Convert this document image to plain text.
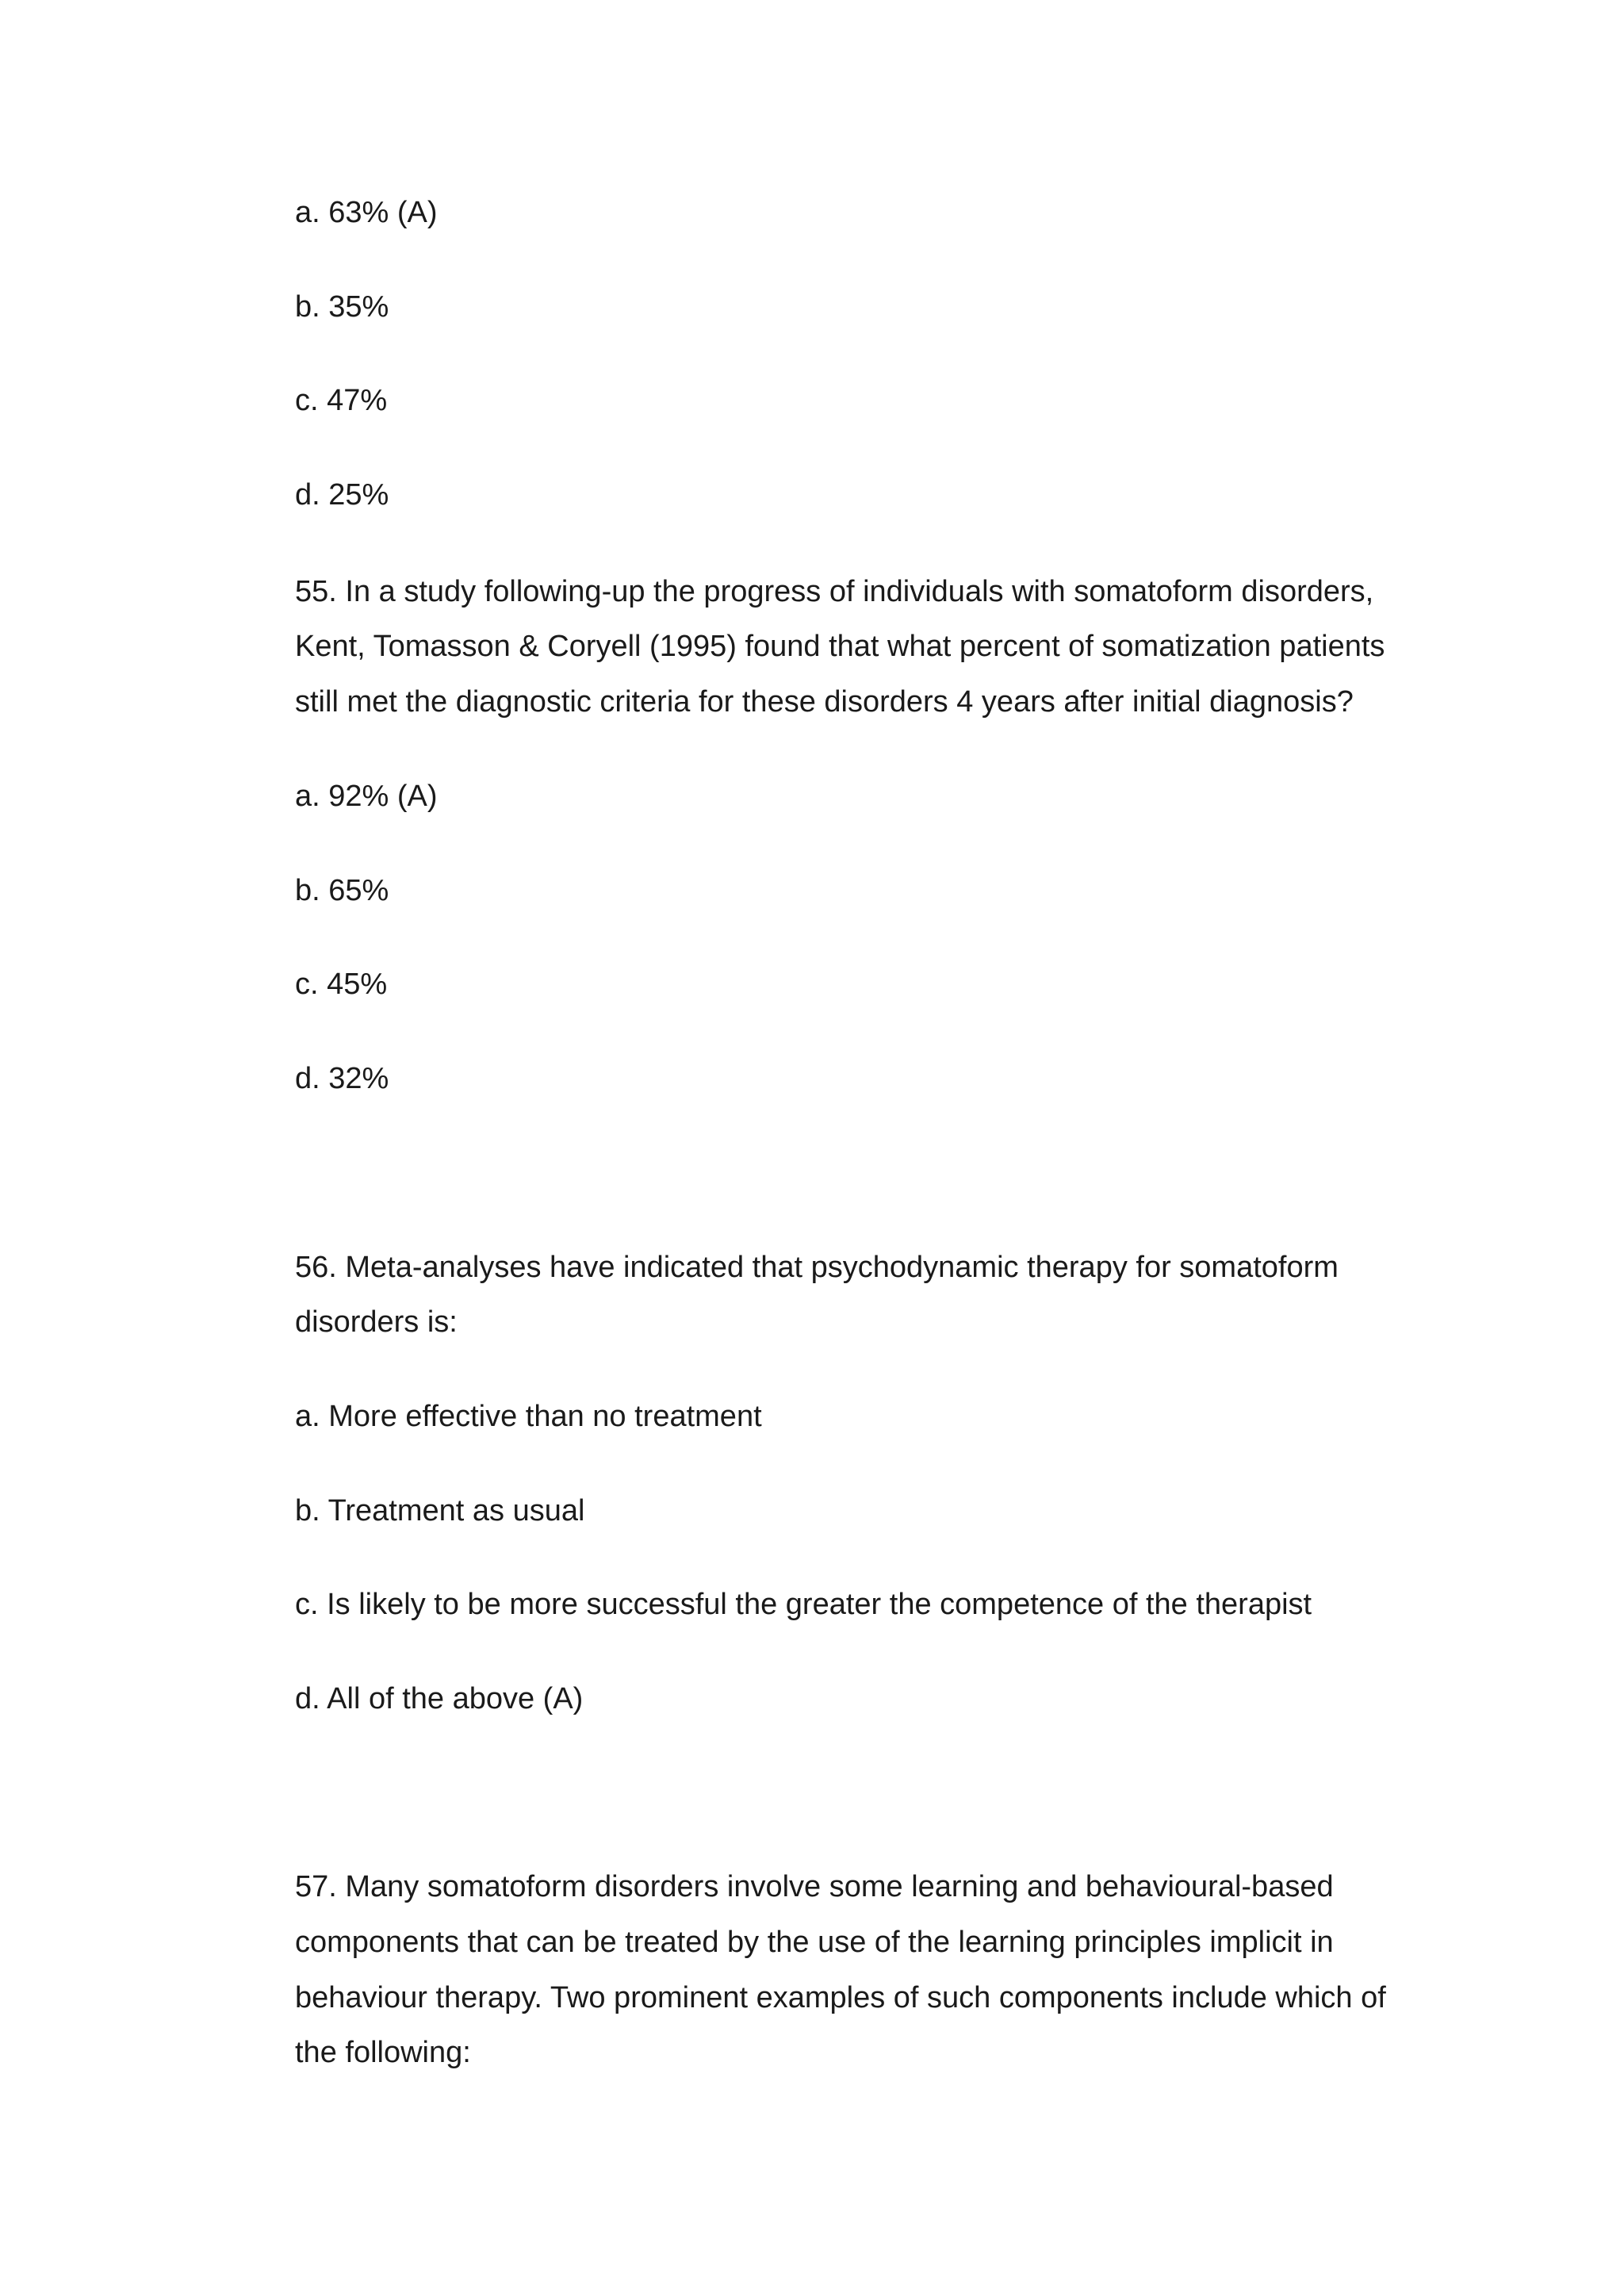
a. 63% (A)
b. 35%
c. 47%
d. 25%
55. In a study following-up the progress of individuals with somatoform disorders,
Kent, Tomasson & Coryell (1995) found that what percent of somatization patients
still met the diagnostic criteria for these disorders 4 years after initial diagnosis?
a. 92% (A)
b. 65%
c. 45%
d. 32%
56. Meta-analyses have indicated that psychodynamic therapy for somatoform
disorders is:
a. More effective than no treatment
b. Treatment as usual
c. Is likely to be more successful the greater the competence of the therapist
d. All of the above (A)
57. Many somatoform disorders involve some learning and behavioural-based
components that can be treated by the use of the learning principles implicit in
behaviour therapy. Two prominent examples of such components include which of
the following:
